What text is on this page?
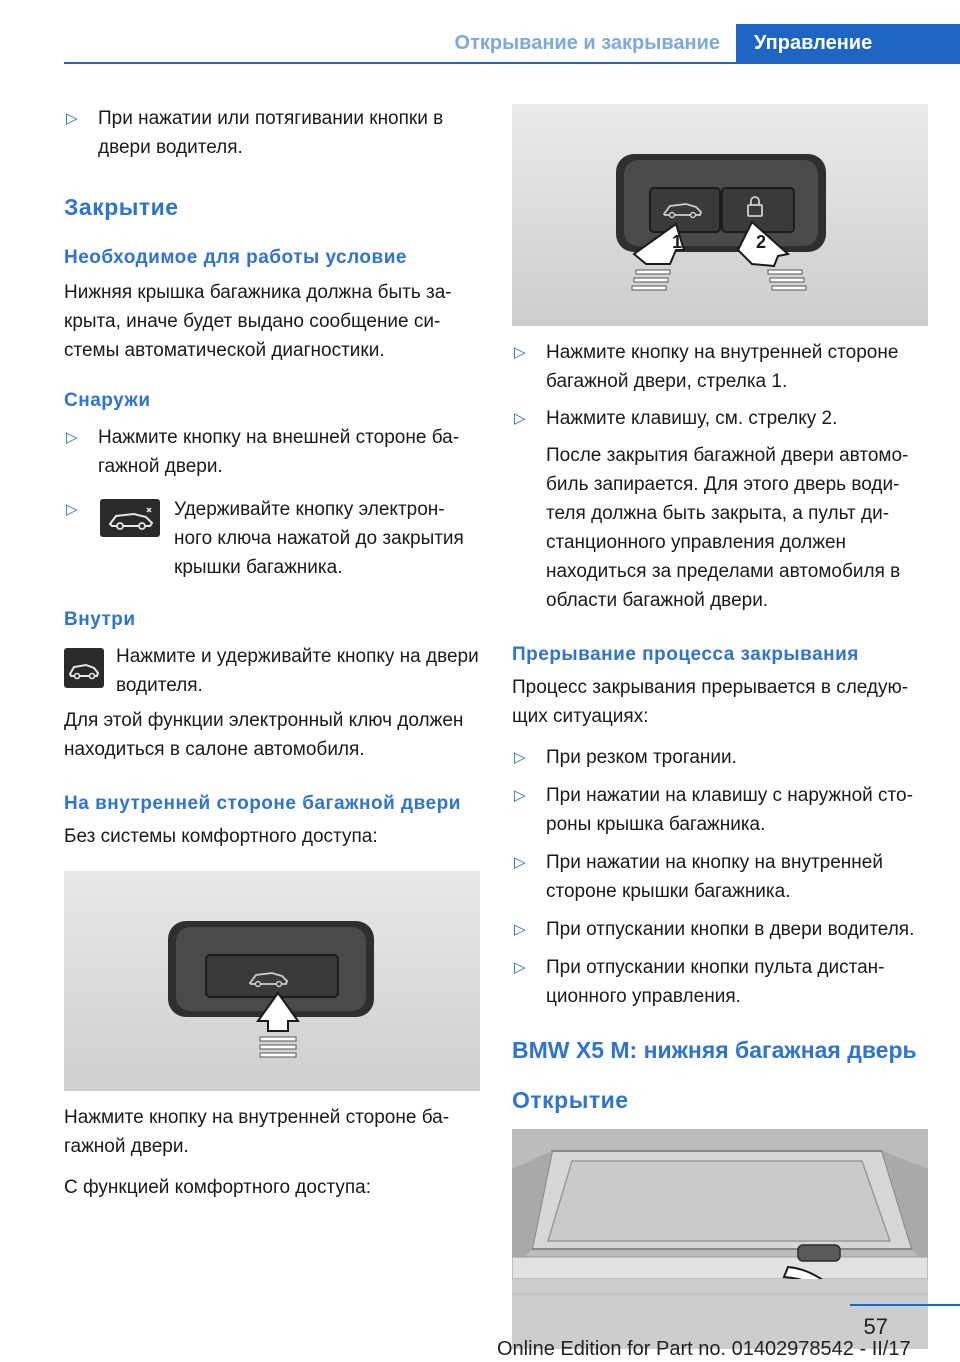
Открывание и закрывание	Управление
▷ При нажатии или потягивании кнопки в двери водителя.
Закрытие
Необходимое для работы условие

Нижняя крышка багажника должна быть за-крыта, иначе будет выдано сообщение си-стемы автоматической диагностики.

Снаружи
▷ Нажмите кнопку на внешней стороне ба-гажной двери.
▷	Удерживайте кнопку электрон-ного ключа нажатой до закрытия крышки багажника.
Внутри

Нажмите и удерживайте кнопку на двери водителя.

Для этой функции электронный ключ должен находиться в салоне автомобиля.

На внутренней стороне багажной двери

Без системы комфортного доступа:

Нажмите кнопку на внутренней стороне ба-гажной двери.

С функцией комфортного доступа:

1	2
▷ Нажмите кнопку на внутренней стороне багажной двери, стрелка 1.
▷ Нажмите клавишу, см. стрелку 2.

После закрытия багажной двери автомо-биль запирается. Для этого дверь води-теля должна быть закрыта, а пульт ди-станционного управления должен находиться за пределами автомобиля в области багажной двери.

Прерывание процесса закрывания

Процесс закрывания прерывается в следую-щих ситуациях:

▷ При резком трогании.
▷ При нажатии на клавишу с наружной сто-роны крышка багажника.
▷ При нажатии на кнопку на внутренней стороне крышки багажника.
▷ При отпускании кнопки в двери водителя.
▷ При отпускании кнопки пульта дистан-ционного управления.
BMW X5 M: нижняя багажная дверь
Открытие
57
Online Edition for Part no. 01402978542 - II/17
